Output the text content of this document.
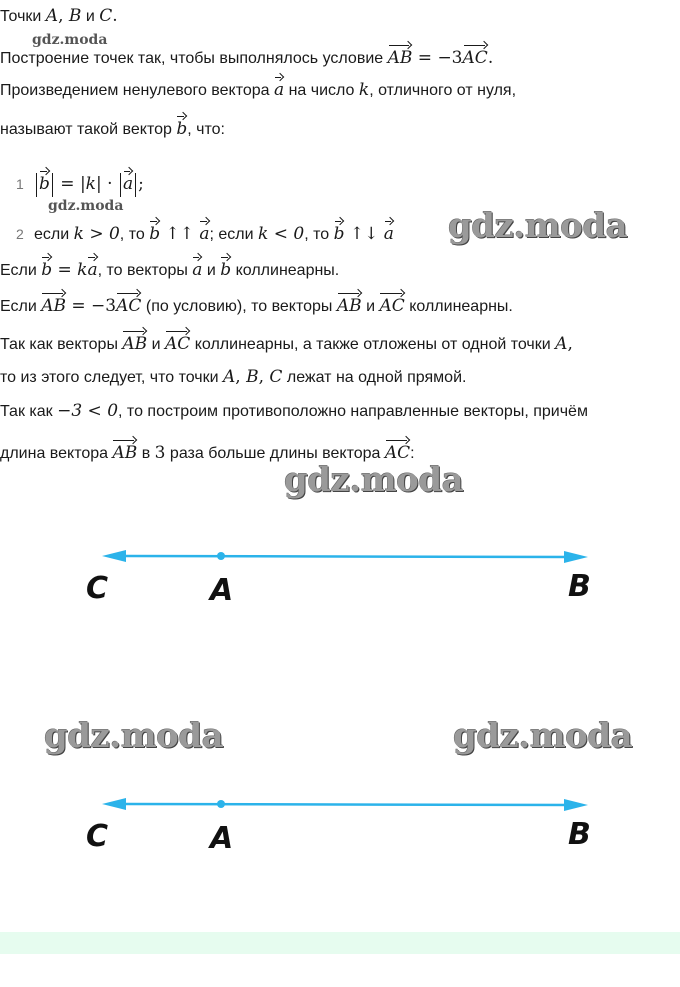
Точки A, B и C.
gdz.moda
Построение точек так, чтобы выполнялось условие AB = −3AC.
Произведением ненулевого вектора a на число k, отличного от нуля,
называют такой вектор b, что:
1 b = |k| · a ;
gdz.moda
2 если k > 0, то b ↑↑ a; если k < 0, то b ↑↓ a gdz.moda
Если b = ka, то векторы a и b коллинеарны.
Если AB = −3AC (по условию), то векторы AB и AC коллинеарны.
Так как векторы AB и AC коллинеарны, а также отложены от одной точки A,
то из этого следует, что точки A, B, C лежат на одной прямой.
Так как −3 < 0, то построим противоположно направленные векторы, причём
длина вектора AB в 3 раза больше длины вектора AC:
gdz.moda
C	A	B
gdz.moda	gdz.moda
C	A	B
